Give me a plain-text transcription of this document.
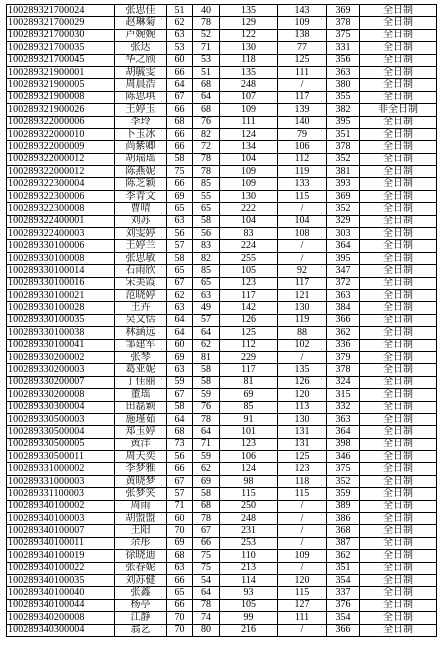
100289321700024	张思佳	51	40	135	143	369	全日制
100289321700029	赵琳菊	62	78	129	109	378	全日制
100289321700030	卢婉婉	63	52	122	138	375	全日制
100289321700035	张达	53	71	130	77	331	全日制
100289321700045	华之颀	60	53	118	125	356	全日制
100289321900001	胡毓雯	66	51	135	111	363	全日制
100289321900005	周晨浩	64	68	248	/	380	全日制
100289321900008	陈思琪	67	64	107	117	355	全日制
100289321900026	王婷玉	66	68	109	139	382	非全日制
100289322000006	李玲	68	76	111	140	395	全日制
100289322000010	卜玉冰	66	82	124	79	351	全日制
100289322000009	尚紫卿	66	72	134	106	378	全日制
100289322000012	胡瑞瑶	58	78	104	112	352	全日制
100289322000012	陈燕妮	75	78	109	119	381	全日制
100289322300004	陈芝颖	66	85	109	133	393	全日制
100289322300006	李青文	69	55	130	115	369	全日制
100289322300008	曹晴	65	65	222	/	352	全日制
100289322400001	刘苏	63	58	104	104	329	全日制
100289322400003	刘雯婷	56	56	83	108	303	全日制
100289330100006	王婷兰	57	83	224	/	364	全日制
100289330100008	张思敏	58	82	255	/	395	全日制
100289330100014	石雨欣	65	85	105	92	347	全日制
100289330100016	宋美霞	67	65	123	117	372	全日制
100289330100021	范晓婷	62	63	117	121	363	全日制
100289330100028	王卉	63	49	142	130	384	全日制
100289330100035	吴文恬	64	57	126	119	366	全日制
100289330100038	林涵远	64	64	125	88	362	全日制
100289330100041	邹建军	60	62	112	102	336	全日制
100289330200002	张琴	69	81	229	/	379	全日制
100289330200003	葛亚妮	63	58	117	135	378	全日制
100289330200007	丁佳丽	59	58	81	126	324	全日制
100289330200008	董瑶	67	59	69	120	315	全日制
100289330300004	田磊颖	58	76	85	113	332	全日制
100289330500003	施瑾茹	64	78	91	130	363	全日制
100289330500004	郑玉婷	68	64	101	131	364	全日制
100289330500005	黄洋	73	71	123	131	398	全日制
100289330500011	周天奕	56	59	106	125	346	全日制
100289331000002	李梦雅	66	62	124	123	375	全日制
100289331000003	黄晓梦	67	69	98	118	352	全日制
100289331100003	张梦笑	57	58	115	115	359	全日制
100289340100002	周雨	71	68	250	/	389	全日制
100289340100003	胡盟盟	60	78	248	/	386	全日制
100289340100007	王阳	70	67	231	/	368	全日制
100289340100011	余彤	69	66	253	/	387	全日制
100289340100019	徐晓迪	68	75	110	109	362	全日制
100289340100022	张春妮	63	75	213	/	351	全日制
100289340100035	刘苏健	66	54	114	120	354	全日制
100289340100040	张鑫	65	64	93	115	337	全日制
100289340100044	杨亭	66	78	105	127	376	全日制
100289340200008	江静	70	74	99	111	354	全日制
100289340300004	翁艺	70	80	216	/	366	全日制
